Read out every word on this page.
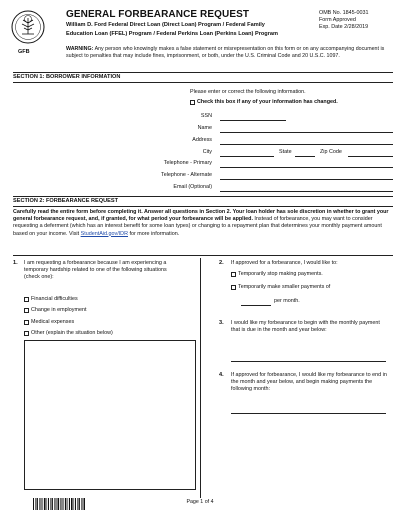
GFB
GENERAL FORBEARANCE REQUEST
William D. Ford Federal Direct Loan (Direct Loan) Program / Federal Family
Education Loan (FFEL) Program / Federal Perkins Loan (Perkins Loan) Program
OMB No. 1845-0031
Form Approved
Exp. Date 2/28/2019
WARNING: Any person who knowingly makes a false statement or misrepresentation on this form or on any accompanying document is subject to penalties that may include fines, imprisonment, or both, under the U.S. Criminal Code and 20 U.S.C. 1097.
SECTION 1: BORROWER INFORMATION
Please enter or correct the following information.
Check this box if any of your information has changed.
SSN
Name
Address
City	State	Zip Code
Telephone - Primary
Telephone - Alternate
Email (Optional)
SECTION 2: FORBEARANCE REQUEST
Carefully read the entire form before completing it. Answer all questions in Section 2. Your loan holder has sole discretion in whether to grant your general forbearance request, and, if granted, for what period your forbearance will be applied. Instead of forbearance, you may want to consider requesting a deferment (which has an interest benefit for some loan types) or changing to a repayment plan that determines your monthly payment amount based on your income. Visit StudentAid.gov/IDR for more information.
1. I am requesting a forbearance because I am experiencing a temporary hardship related to one of the following situations (check one):
Financial difficulties
Change in employment
Medical expenses
Other (explain the situation below)
2. If approved for a forbearance, I would like to:
Temporarily stop making payments.
Temporarily make smaller payments of
per month.
3. I would like my forbearance to begin with the monthly payment that is due in the month and year below:
4. If approved for forbearance, I would like my forbearance to end in the month and year below, and begin making payments the following month:
Page 1 of 4
